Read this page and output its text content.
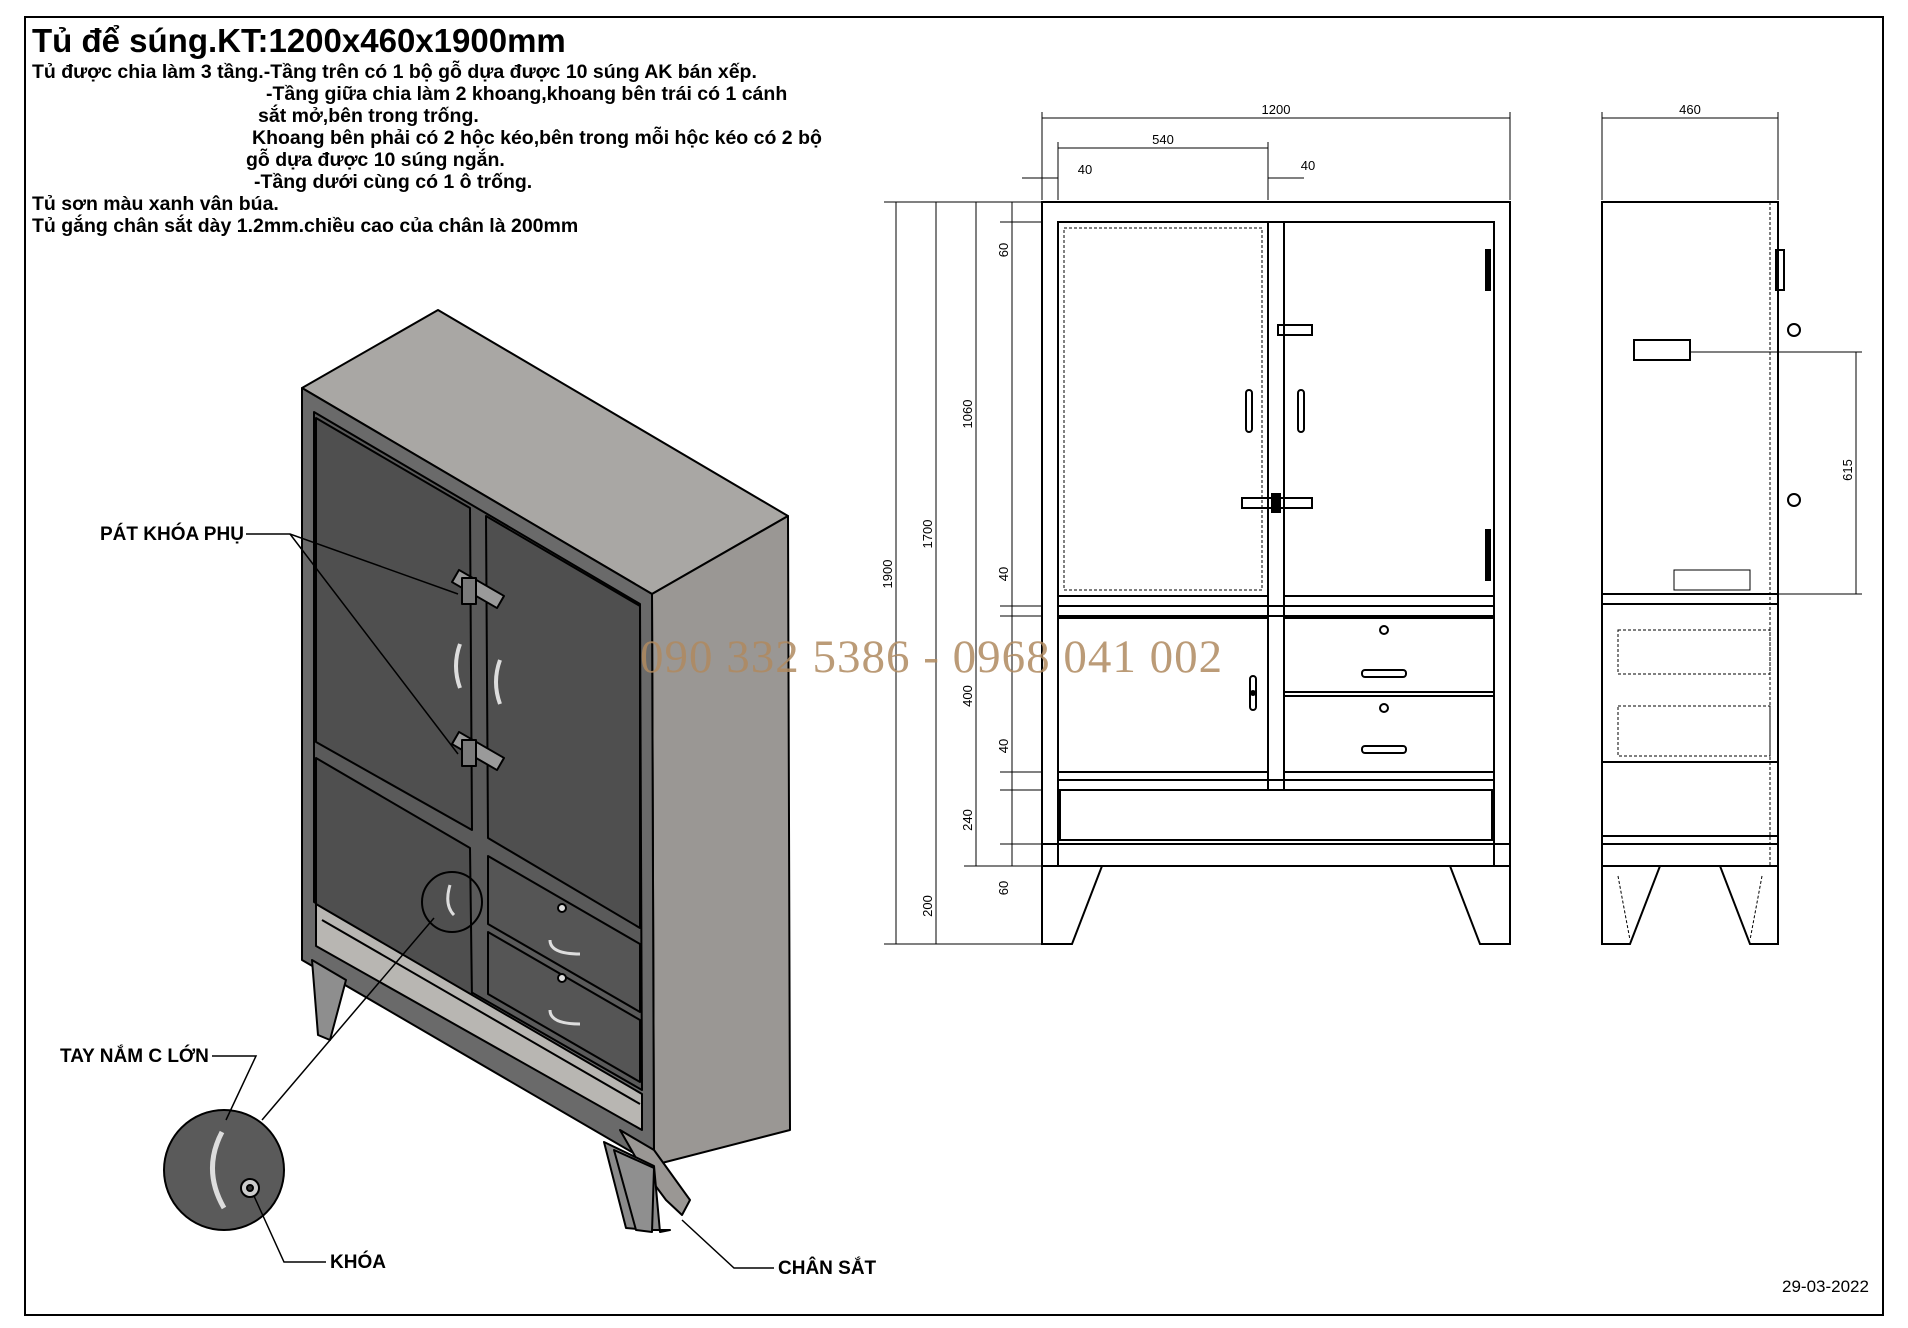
Tủ để súng.KT:1200x460x1900mm
Tủ được chia làm 3 tầng.-Tầng trên có 1 bộ gỗ dựa được 10 súng AK bán xếp.
-Tầng giữa chia làm 2 khoang,khoang bên trái có 1 cánh
sắt mở,bên trong trống.
Khoang bên phải có 2 hộc kéo,bên trong mỗi hộc kéo có 2 bộ
gỗ dựa được 10 súng ngắn.
-Tầng dưới cùng có 1 ô trống.
Tủ sơn màu xanh vân búa.
Tủ gắng chân sắt dày 1.2mm.chiều cao của chân là 200mm
1200
540
40	40
1900
1700
1060
60
40
400
40
240
60
200
460
615
PÁT KHÓA PHỤ
TAY NẮM C LỚN
KHÓA	CHÂN SẮT
090 332 5386 - 0968 041 002
29-03-2022
